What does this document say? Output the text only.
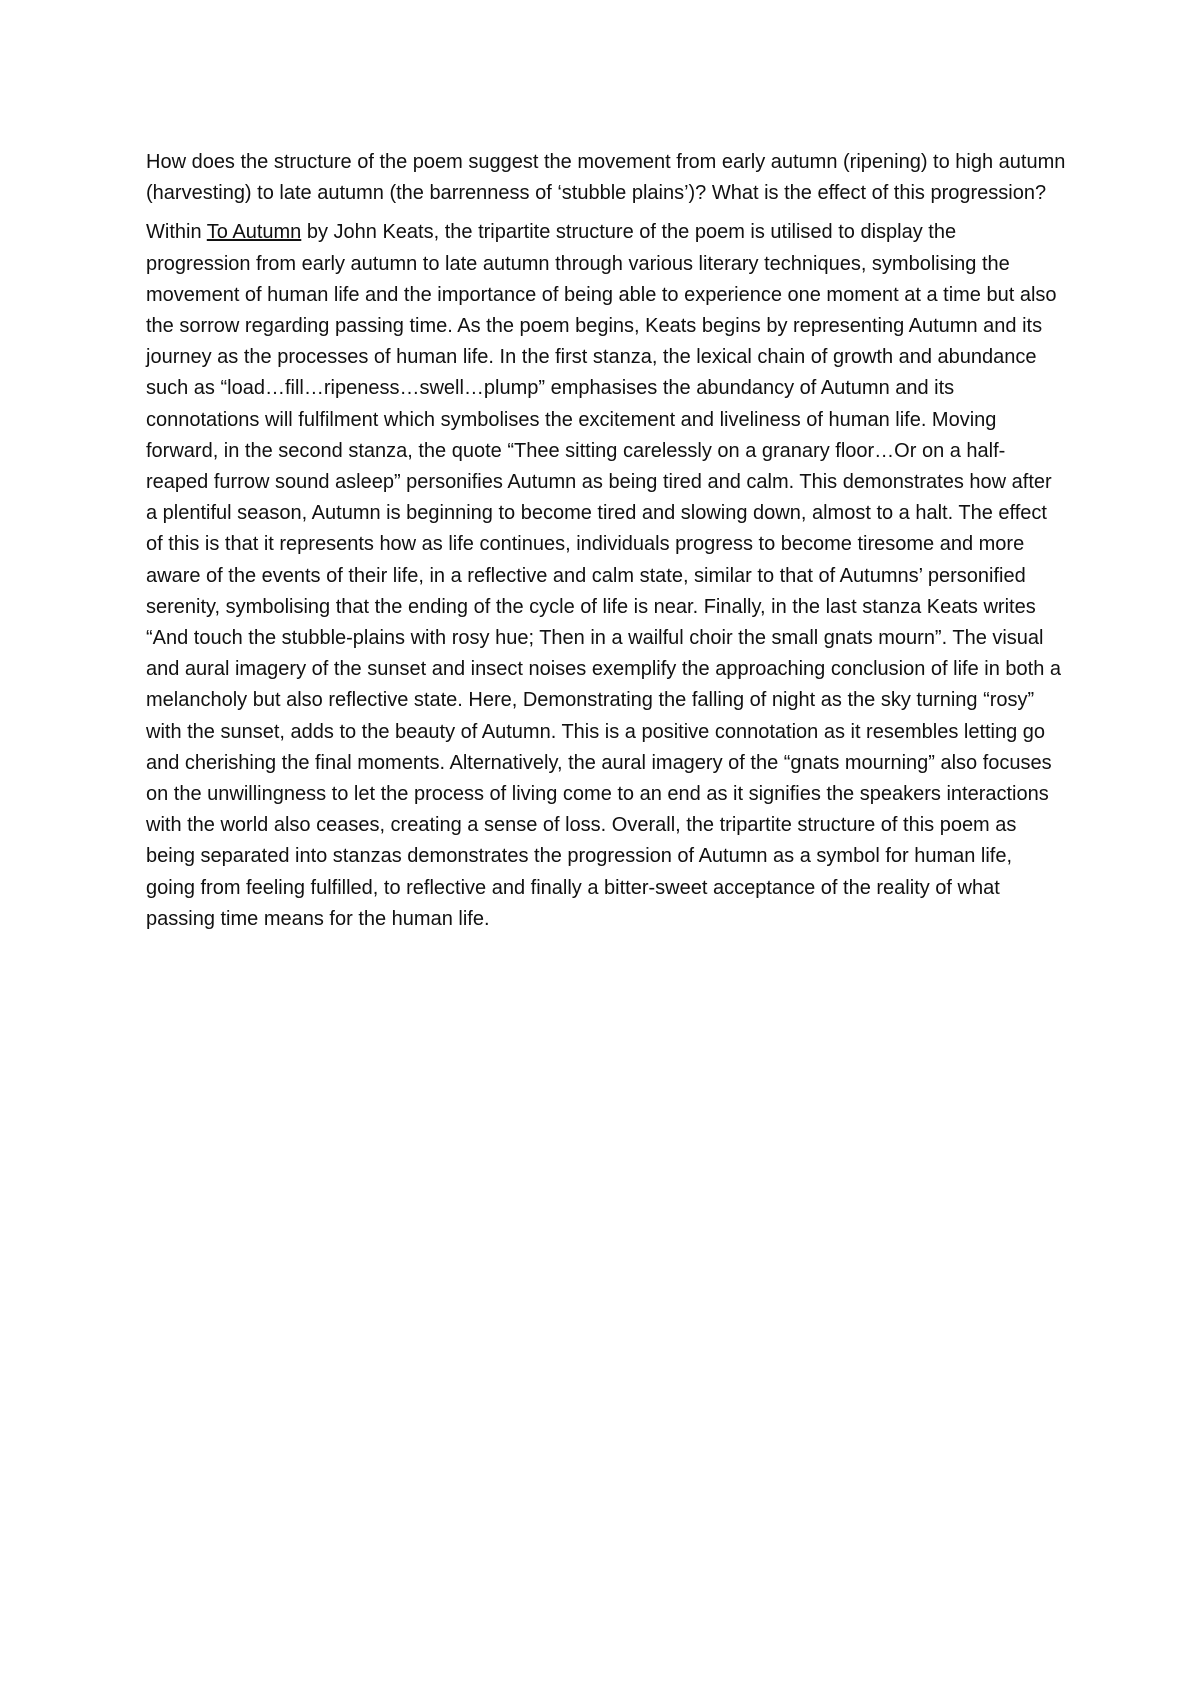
How does the structure of the poem suggest the movement from early autumn (ripening) to high autumn (harvesting) to late autumn (the barrenness of ‘stubble plains’)? What is the effect of this progression?

Within To Autumn by John Keats, the tripartite structure of the poem is utilised to display the progression from early autumn to late autumn through various literary techniques, symbolising the movement of human life and the importance of being able to experience one moment at a time but also the sorrow regarding passing time. As the poem begins, Keats begins by representing Autumn and its journey as the processes of human life. In the first stanza, the lexical chain of growth and abundance such as “load…fill…ripeness…swell…plump” emphasises the abundancy of Autumn and its connotations will fulfilment which symbolises the excitement and liveliness of human life. Moving forward, in the second stanza, the quote “Thee sitting carelessly on a granary floor…Or on a half-reaped furrow sound asleep” personifies Autumn as being tired and calm. This demonstrates how after a plentiful season, Autumn is beginning to become tired and slowing down, almost to a halt. The effect of this is that it represents how as life continues, individuals progress to become tiresome and more aware of the events of their life, in a reflective and calm state, similar to that of Autumns’ personified serenity, symbolising that the ending of the cycle of life is near. Finally, in the last stanza Keats writes “And touch the stubble-plains with rosy hue; Then in a wailful choir the small gnats mourn”. The visual and aural imagery of the sunset and insect noises exemplify the approaching conclusion of life in both a melancholy but also reflective state. Here, Demonstrating the falling of night as the sky turning “rosy” with the sunset, adds to the beauty of Autumn. This is a positive connotation as it resembles letting go and cherishing the final moments. Alternatively, the aural imagery of the “gnats mourning” also focuses on the unwillingness to let the process of living come to an end as it signifies the speakers interactions with the world also ceases, creating a sense of loss. Overall, the tripartite structure of this poem as being separated into stanzas demonstrates the progression of Autumn as a symbol for human life, going from feeling fulfilled, to reflective and finally a bitter-sweet acceptance of the reality of what passing time means for the human life.
